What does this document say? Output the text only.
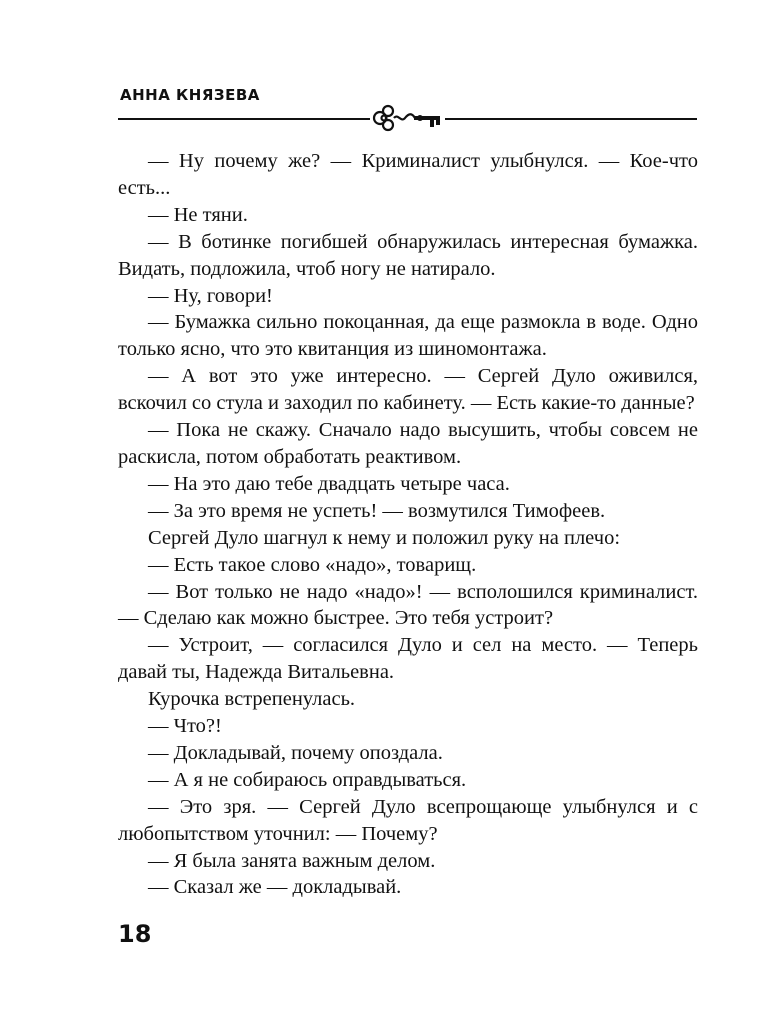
АННА КНЯЗЕВА

— Ну почему же? — Криминалист улыбнулся. — Кое-что есть...

— Не тяни.

— В ботинке погибшей обнаружилась интересная бумажка. Видать, подложила, чтоб ногу не натирало.

— Ну, говори!

— Бумажка сильно покоцанная, да еще размокла в воде. Одно только ясно, что это квитанция из шиномонтажа.

— А вот это уже интересно. — Сергей Дуло оживился, вскочил со стула и заходил по кабинету. — Есть какие-то данные?

— Пока не скажу. Сначало надо высушить, чтобы совсем не раскисла, потом обработать реактивом.

— На это даю тебе двадцать четыре часа.

— За это время не успеть! — возмутился Тимофеев.

Сергей Дуло шагнул к нему и положил руку на плечо:

— Есть такое слово «надо», товарищ.

— Вот только не надо «надо»! — всполошился криминалист. — Сделаю как можно быстрее. Это тебя устроит?

— Устроит, — согласился Дуло и сел на место. — Теперь давай ты, Надежда Витальевна.

Курочка встрепенулась.

— Что?!

— Докладывай, почему опоздала.

— А я не собираюсь оправдываться.

— Это зря. — Сергей Дуло всепрощающе улыбнулся и с любопытством уточнил: — Почему?

— Я была занята важным делом.

— Сказал же — докладывай.

18
